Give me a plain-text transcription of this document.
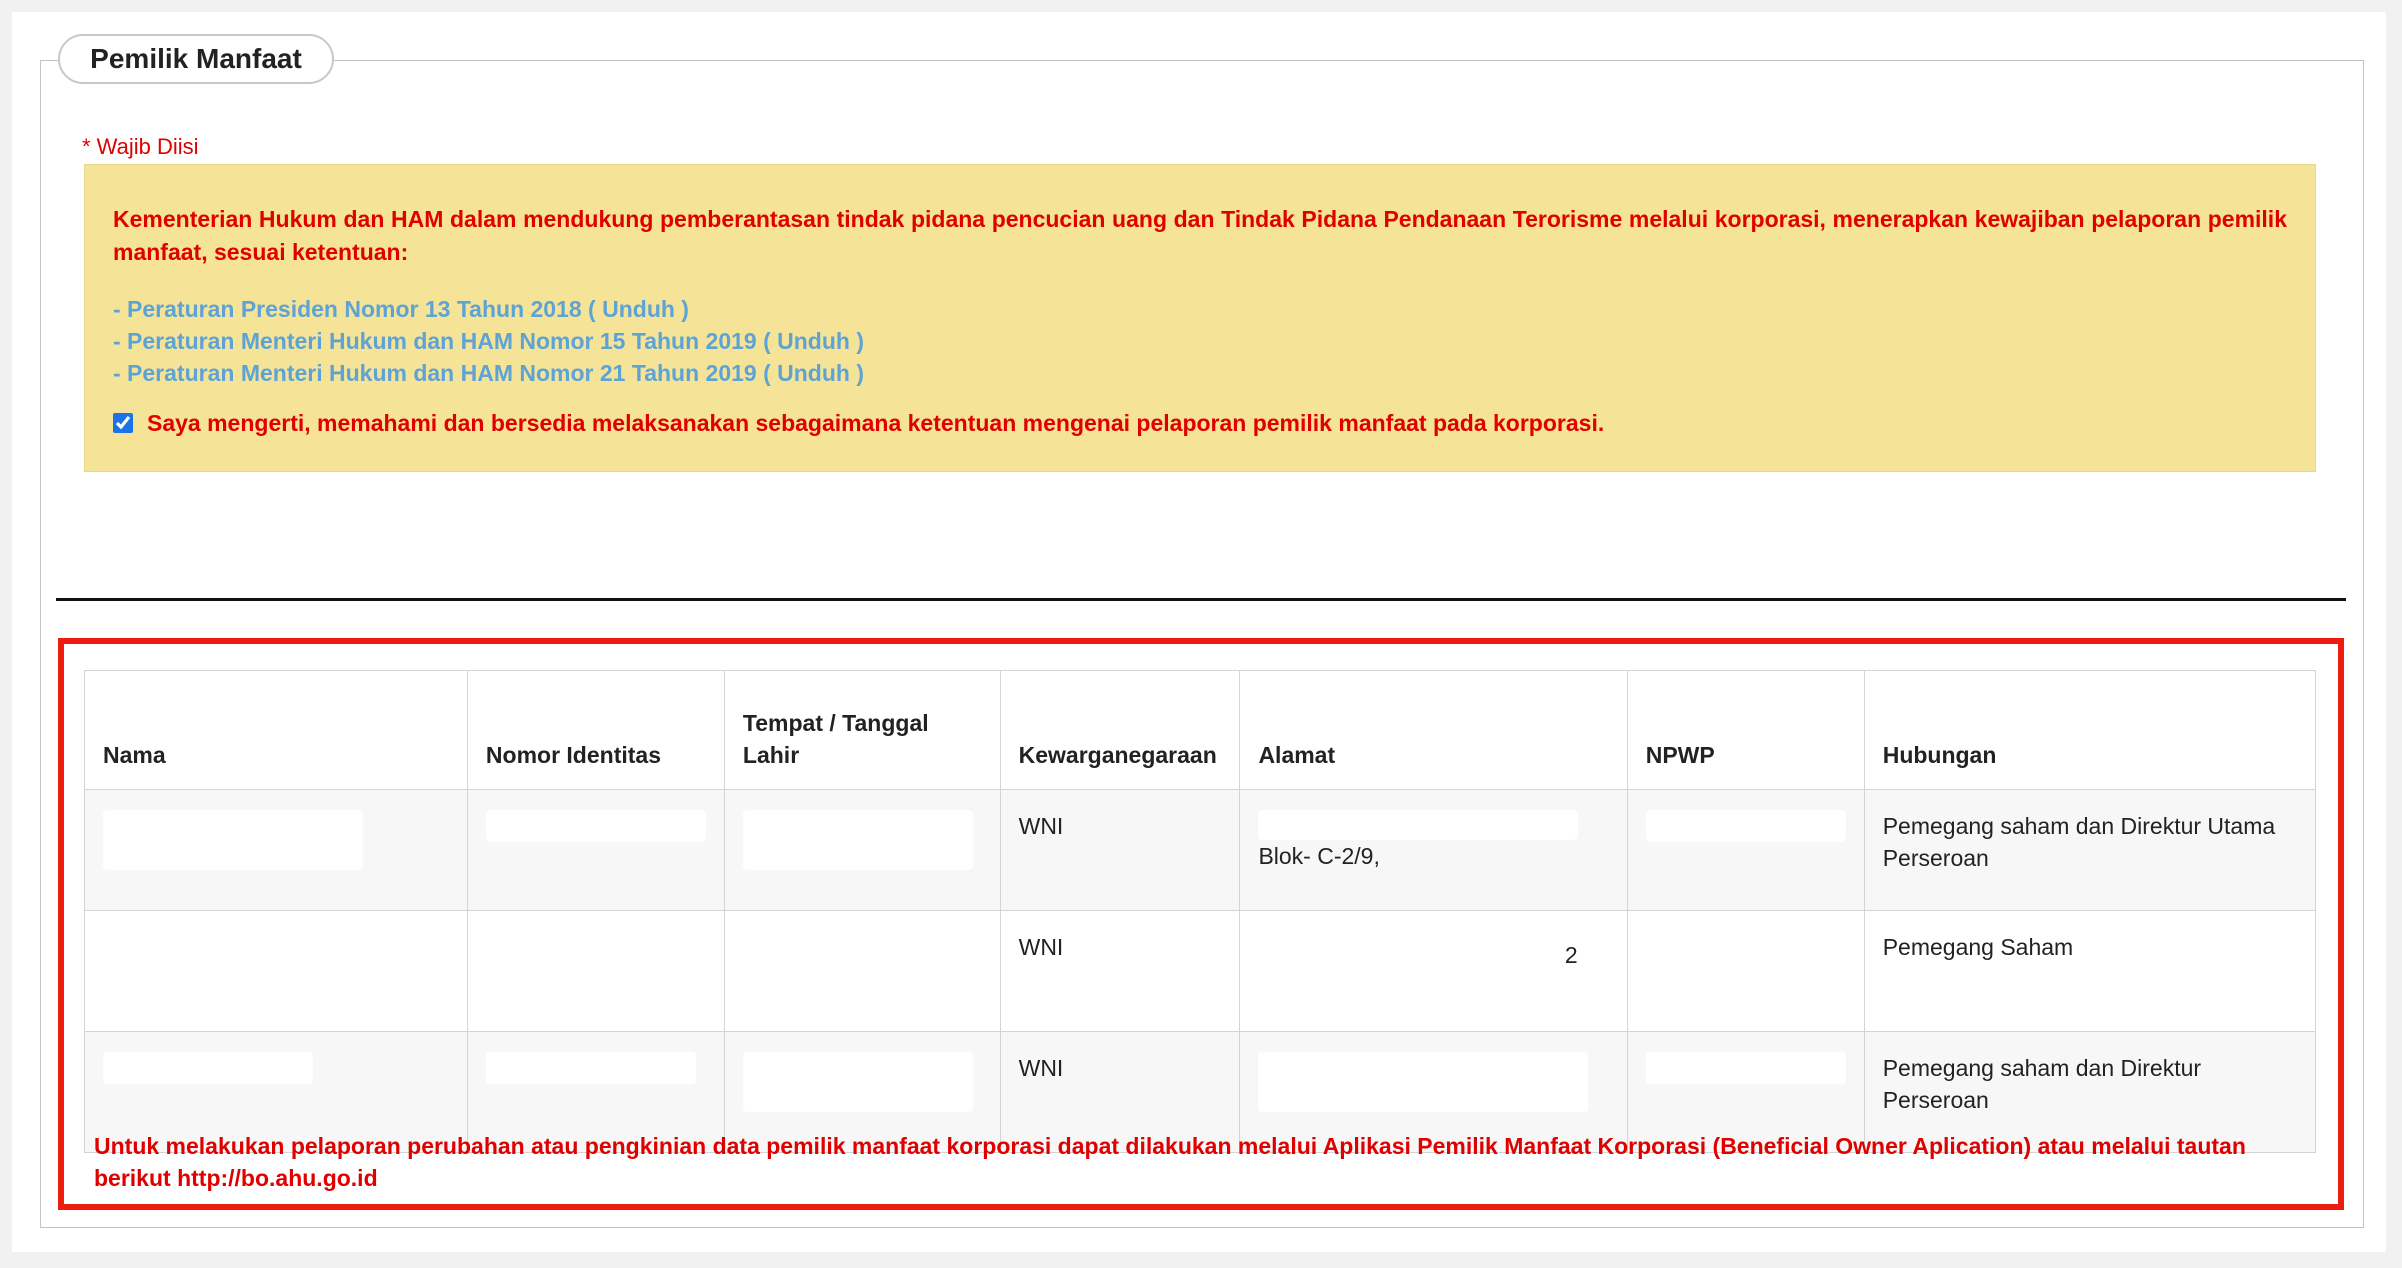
Pemilik Manfaat
* Wajib Diisi
Kementerian Hukum dan HAM dalam mendukung pemberantasan tindak pidana pencucian uang dan Tindak Pidana Pendanaan Terorisme melalui korporasi, menerapkan kewajiban pelaporan pemilik manfaat, sesuai ketentuan:
- Peraturan Presiden Nomor 13 Tahun 2018 ( Unduh )
- Peraturan Menteri Hukum dan HAM Nomor 15 Tahun 2019 ( Unduh )
- Peraturan Menteri Hukum dan HAM Nomor 21 Tahun 2019 ( Unduh )
Saya mengerti, memahami dan bersedia melaksanakan sebagaimana ketentuan mengenai pelaporan pemilik manfaat pada korporasi.
Nama	Nomor Identitas	Tempat / Tanggal Lahir	Kewarganegaraan	Alamat	NPWP	Hubungan
			WNI	Blok- C-2/9,		Pemegang saham dan Direktur Utama Perseroan
			WNI	2		Pemegang Saham
			WNI			Pemegang saham dan Direktur Perseroan
Untuk melakukan pelaporan perubahan atau pengkinian data pemilik manfaat korporasi dapat dilakukan melalui Aplikasi Pemilik Manfaat Korporasi (Beneficial Owner Aplication) atau melalui tautan berikut http://bo.ahu.go.id
